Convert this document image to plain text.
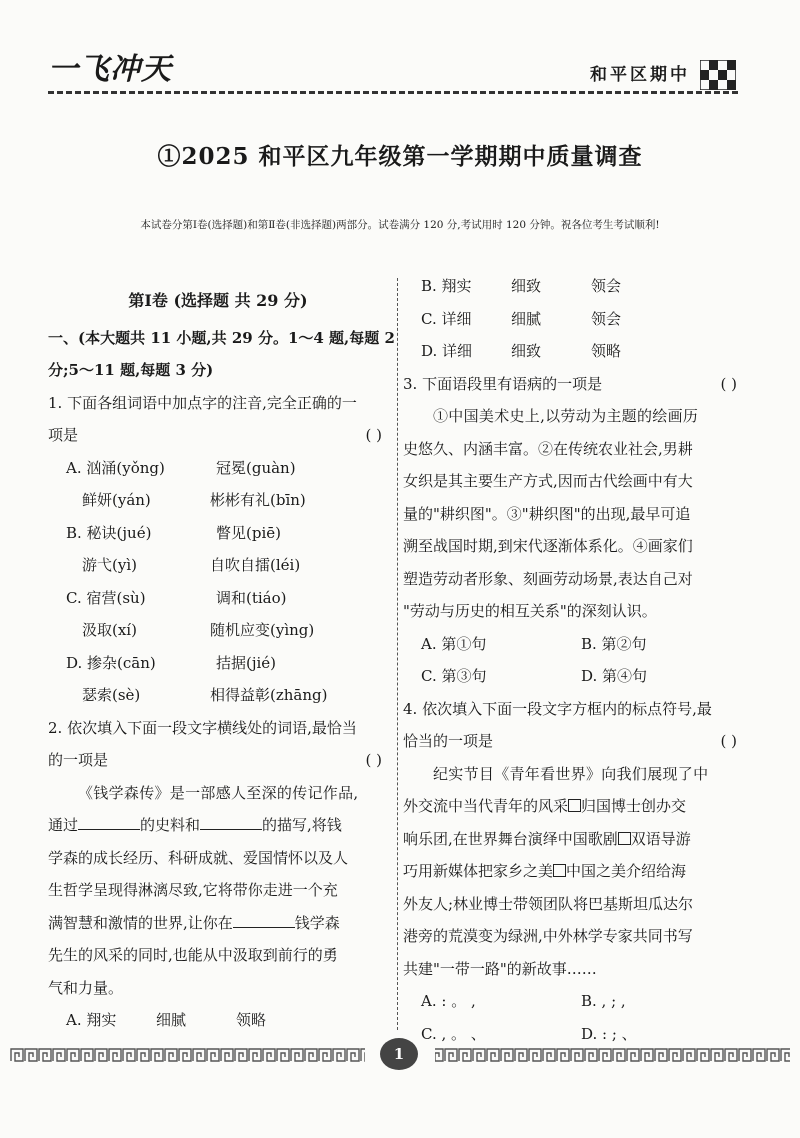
一飞冲天	和平区期中
①2025 和平区九年级第一学期期中质量调查
本试卷分第Ⅰ卷(选择题)和第Ⅱ卷(非选择题)两部分。试卷满分 120 分,考试用时 120 分钟。祝各位考生考试顺利!

第Ⅰ卷 (选择题 共 29 分)

一、(本大题共 11 小题,共 29 分。1～4 题,每题 2

分;5～11 题,每题 3 分)

1. 下面各组词语中加点字的注音,完全正确的一

项是	( )

A. 汹涌(yǒng)	冠冕(guàn)

鲜妍(yán)	彬彬有礼(bīn)

B. 秘诀(jué)	瞥见(piē)

游弋(yì)	自吹自擂(léi)

C. 宿营(sù)	调和(tiáo)

汲取(xí)	随机应变(yìng)

D. 掺杂(cān)	拮据(jié)

瑟索(sè)	相得益彰(zhāng)

2. 依次填入下面一段文字横线处的词语,最恰当

的一项是	( )

《钱学森传》是一部感人至深的传记作品,

通过	的史料和	的描写,将钱

学森的成长经历、科研成就、爱国情怀以及人

生哲学呈现得淋漓尽致,它将带你走进一个充

满智慧和激情的世界,让你在	钱学森

先生的风采的同时,也能从中汲取到前行的勇

气和力量。

A. 翔实	细腻	领略

B. 翔实	细致	领会

C. 详细	细腻	领会

D. 详细	细致	领略

3. 下面语段里有语病的一项是	( )

①中国美术史上,以劳动为主题的绘画历

史悠久、内涵丰富。②在传统农业社会,男耕

女织是其主要生产方式,因而古代绘画中有大

量的"耕织图"。③"耕织图"的出现,最早可追

溯至战国时期,到宋代逐渐体系化。④画家们

塑造劳动者形象、刻画劳动场景,表达自己对

"劳动与历史的相互关系"的深刻认识。

A. 第①句	B. 第②句

C. 第③句	D. 第④句

4. 依次填入下面一段文字方框内的标点符号,最

恰当的一项是	( )

纪实节目《青年看世界》向我们展现了中

外交流中当代青年的风采 归国博士创办交

响乐团,在世界舞台演绎中国歌剧 双语导游

巧用新媒体把家乡之美 中国之美介绍给海

外友人;林业博士带领团队将巴基斯坦瓜达尔

港旁的荒漠变为绿洲,中外林学专家共同书写

共建"一带一路"的新故事……

A. : 。 ,	B. , ; ,

C. , 。 、	D. : ; 、

1
